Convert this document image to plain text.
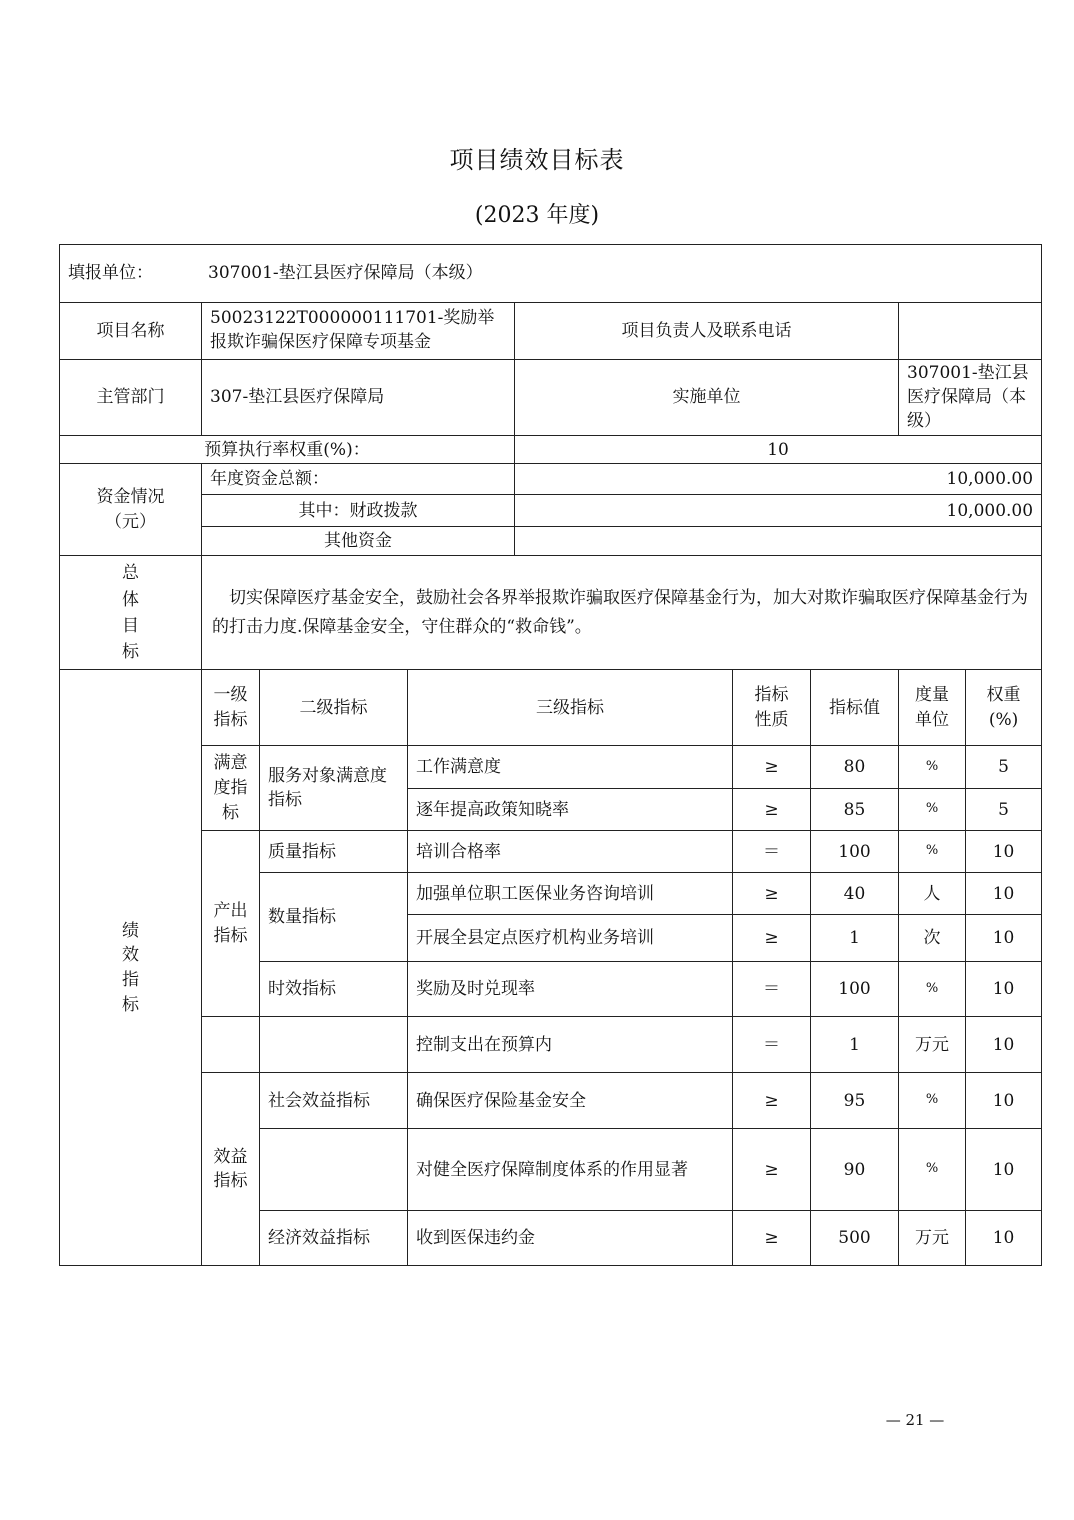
项目绩效目标表
(2023 年度)
填报单位： 307001-垫江县医疗保障局（本级）								
项目名称	50023122T000000111701-奖励举报欺诈骗保医疗保障专项基金			项目负责人及联系电话				
主管部门	307-垫江县医疗保障局			实施单位			307001-垫江县医疗保障局（本级）	
预算执行率权重(%)：				10				

资金情况
（元）	年度资金总额：			10,000.00				
	其中：财政拨款			10,000.00				
	其他资金							

总
体
目
标	切实保障医疗基金安全，鼓励社会各界举报欺诈骗取医疗保障基金行为，加大对欺诈骗取医疗保障基金行为的打击力度.保障基金安全，守住群众的“救命钱”。							

绩
效
指
标	一级指标	二级指标	三级指标		指标性质	指标值	度量单位	权重(%)
	满意度指标	服务对象满意度指标	工作满意度		≥	80	%	5
			逐年提高政策知晓率		≥	85	%	5
	产出指标	质量指标	培训合格率		＝	100	%	10
		数量指标	加强单位职工医保业务咨询培训		≥	40	人	10
			开展全县定点医疗机构业务培训		≥	1	次	10
		时效指标	奖励及时兑现率		＝	100	%	10
			控制支出在预算内		＝	1	万元	10
	效益指标	社会效益指标	确保医疗保险基金安全		≥	95	%	10
			对健全医疗保障制度体系的作用显著		≥	90	%	10
		经济效益指标	收到医保违约金		≥	500	万元	10
— 21 —
